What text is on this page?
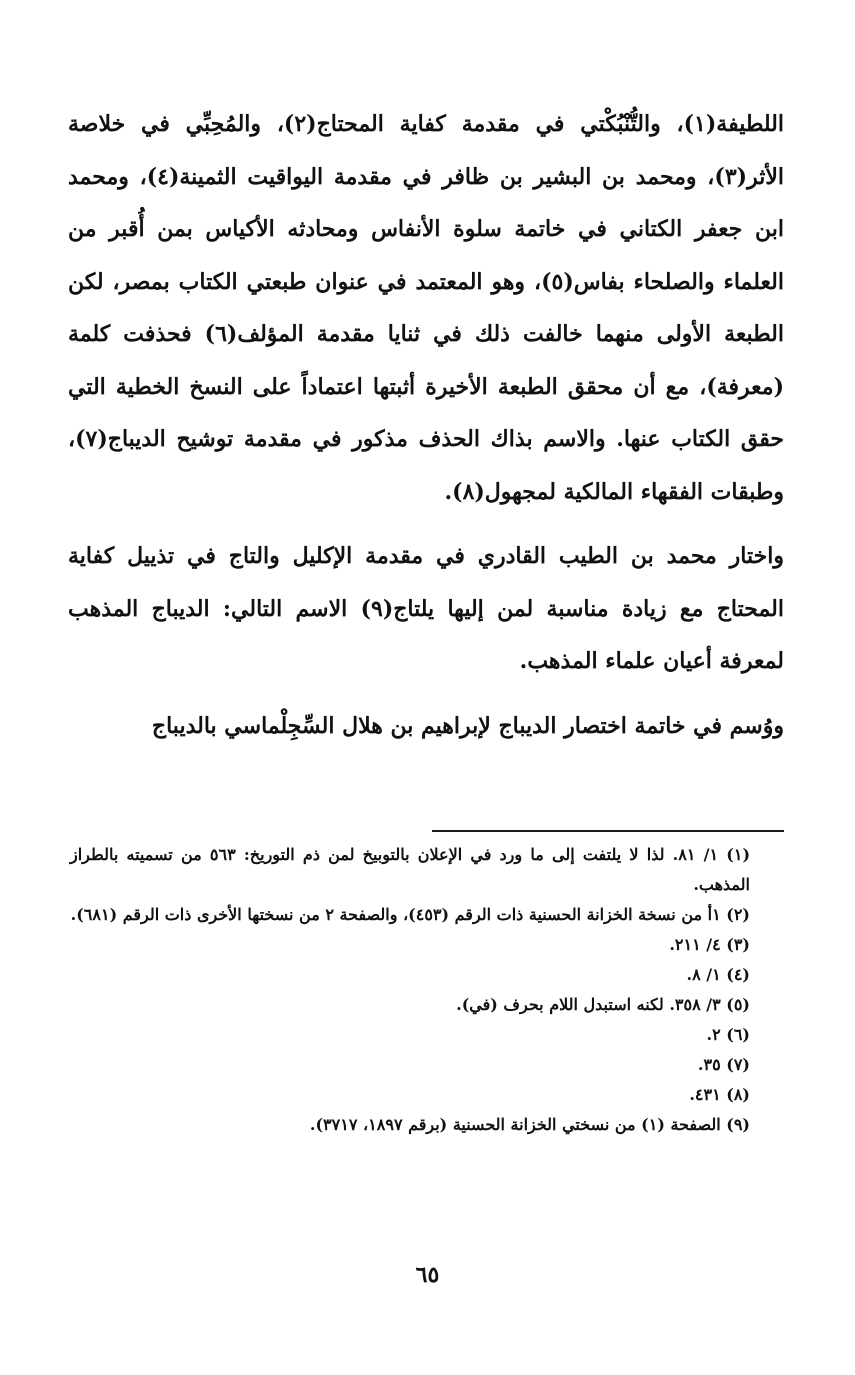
اللطيفة(١)، والتُّنْبُكْتي في مقدمة كفاية المحتاج(٢)، والمُحِبِّي في خلاصة الأثر(٣)، ومحمد بن البشير بن ظافر في مقدمة اليواقيت الثمينة(٤)، ومحمد ابن جعفر الكتاني في خاتمة سلوة الأنفاس ومحادثه الأكياس بمن أُقبر من العلماء والصلحاء بفاس(٥)، وهو المعتمد في عنوان طبعتي الكتاب بمصر، لكن الطبعة الأولى منهما خالفت ذلك في ثنايا مقدمة المؤلف(٦) فحذفت كلمة (معرفة)، مع أن محقق الطبعة الأخيرة أثبتها اعتماداً على النسخ الخطية التي حقق الكتاب عنها. والاسم بذاك الحذف مذكور في مقدمة توشيح الديباج(٧)، وطبقات الفقهاء المالكية لمجهول(٨).

واختار محمد بن الطيب القادري في مقدمة الإكليل والتاج في تذييل كفاية المحتاج مع زيادة مناسبة لمن إليها يلتاج(٩) الاسم التالي: الديباج المذهب لمعرفة أعيان علماء المذهب.

ووُسم في خاتمة اختصار الديباج لإبراهيم بن هلال السِّجِلْماسي بالديباج

(١) ١/ ٨١. لذا لا يلتفت إلى ما ورد في الإعلان بالتوبيخ لمن ذم التوريخ: ٥٦٣ من تسميته بالطراز المذهب.

(٢) ١أ من نسخة الخزانة الحسنية ذات الرقم (٤٥٣)، والصفحة ٢ من نسختها الأخرى ذات الرقم (٦٨١).

(٣) ٤/ ٢١١.

(٤) ١/ ٨.

(٥) ٣/ ٣٥٨. لكنه استبدل اللام بحرف (في).

(٦) ٢.

(٧) ٣٥.

(٨) ٤٣١.

(٩) الصفحة (١) من نسختي الخزانة الحسنية (برقم ١٨٩٧، ٣٧١٧).

٦٥
